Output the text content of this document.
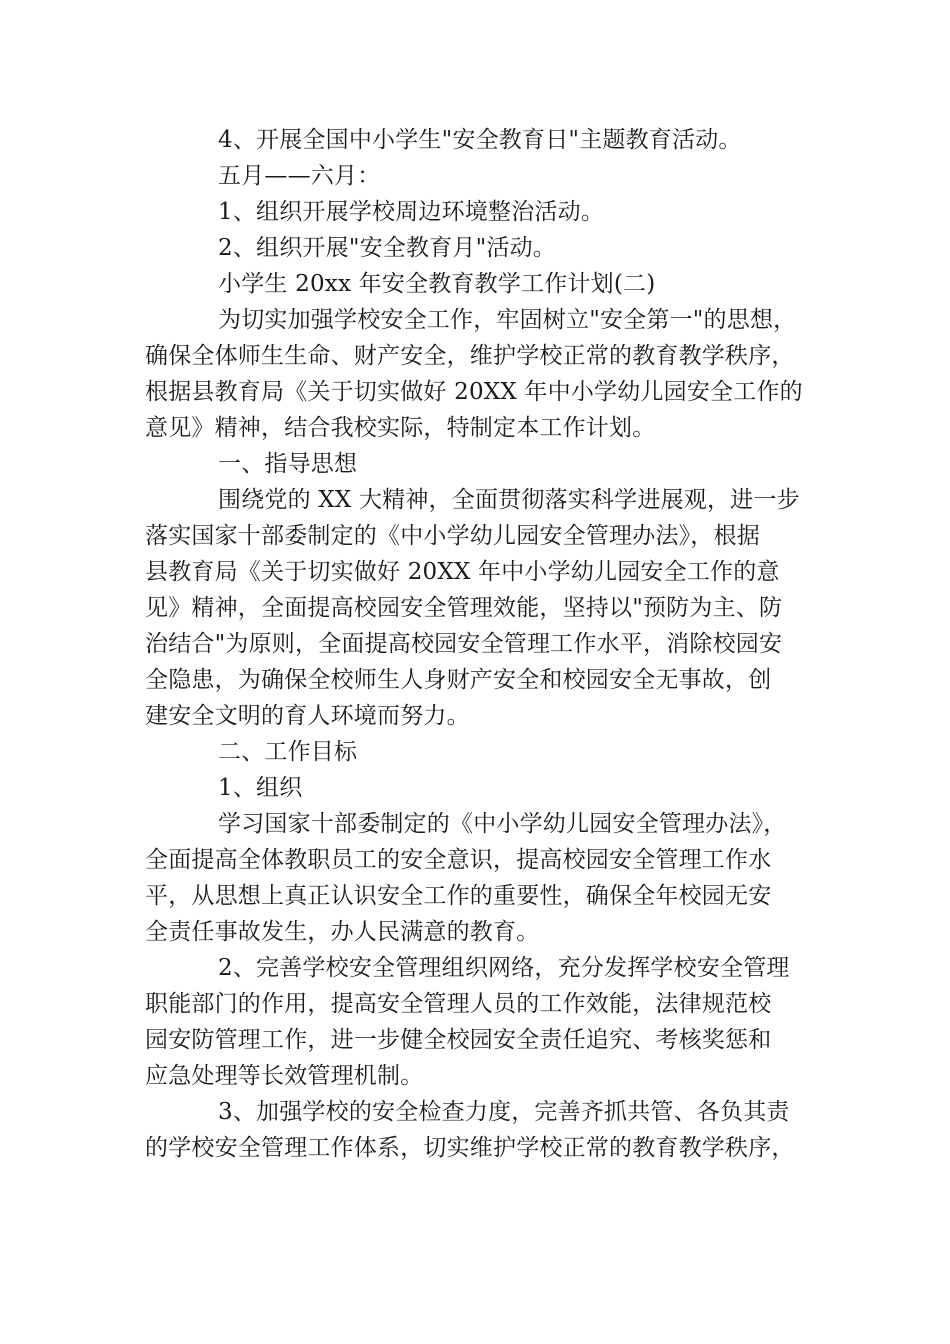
4、开展全国中小学生"安全教育日"主题教育活动。
五月——六月：
1、组织开展学校周边环境整治活动。
2、组织开展"安全教育月"活动。
小学生 20xx 年安全教育教学工作计划(二)
为切实加强学校安全工作，牢固树立"安全第一"的思想，
确保全体师生生命、财产安全，维护学校正常的教育教学秩序，
根据县教育局《关于切实做好 20XX 年中小学幼儿园安全工作的
意见》精神，结合我校实际，特制定本工作计划。
一、指导思想
围绕党的 XX 大精神，全面贯彻落实科学进展观，进一步
落实国家十部委制定的《中小学幼儿园安全管理办法》，根据
县教育局《关于切实做好 20XX 年中小学幼儿园安全工作的意
见》精神，全面提高校园安全管理效能，坚持以"预防为主、防
治结合"为原则，全面提高校园安全管理工作水平，消除校园安
全隐患，为确保全校师生人身财产安全和校园安全无事故，创
建安全文明的育人环境而努力。
二、工作目标
1、组织
学习国家十部委制定的《中小学幼儿园安全管理办法》，
全面提高全体教职员工的安全意识，提高校园安全管理工作水
平，从思想上真正认识安全工作的重要性，确保全年校园无安
全责任事故发生，办人民满意的教育。
2、完善学校安全管理组织网络，充分发挥学校安全管理
职能部门的作用，提高安全管理人员的工作效能，法律规范校
园安防管理工作，进一步健全校园安全责任追究、考核奖惩和
应急处理等长效管理机制。
3、加强学校的安全检查力度，完善齐抓共管、各负其责
的学校安全管理工作体系，切实维护学校正常的教育教学秩序，
